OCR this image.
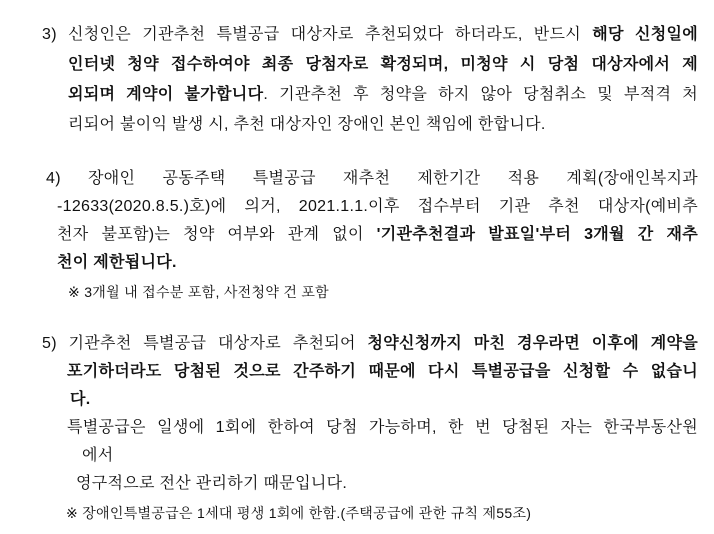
3) 신청인은 기관추천 특별공급 대상자로 추천되었다 하더라도, 반드시 해당 신청일에
인터넷 청약 접수하여야 최종 당첨자로 확정되며, 미청약 시 당첨 대상자에서 제
외되며 계약이 불가합니다. 기관추천 후 청약을 하지 않아 당첨취소 및 부적격 처
리되어 불이익 발생 시, 추천 대상자인 장애인 본인 책임에 한합니다.
4) 장애인 공동주택 특별공급 재추천 제한기간 적용 계획(장애인복지과
-12633(2020.8.5.)호)에 의거, 2021.1.1.이후 접수부터 기관 추천 대상자(예비추
천자 불포함)는 청약 여부와 관계 없이 '기관추천결과 발표일'부터 3개월 간 재추
천이 제한됩니다.
※ 3개월 내 접수분 포함, 사전청약 건 포함
5) 기관추천 특별공급 대상자로 추천되어 청약신청까지 마친 경우라면 이후에 계약을
포기하더라도 당첨된 것으로 간주하기 때문에 다시 특별공급을 신청할 수 없습니
다.
특별공급은 일생에 1회에 한하여 당첨 가능하며, 한 번 당첨된 자는 한국부동산원
에서
영구적으로 전산 관리하기 때문입니다.
※ 장애인특별공급은 1세대 평생 1회에 한함.(주택공급에 관한 규칙 제55조)
